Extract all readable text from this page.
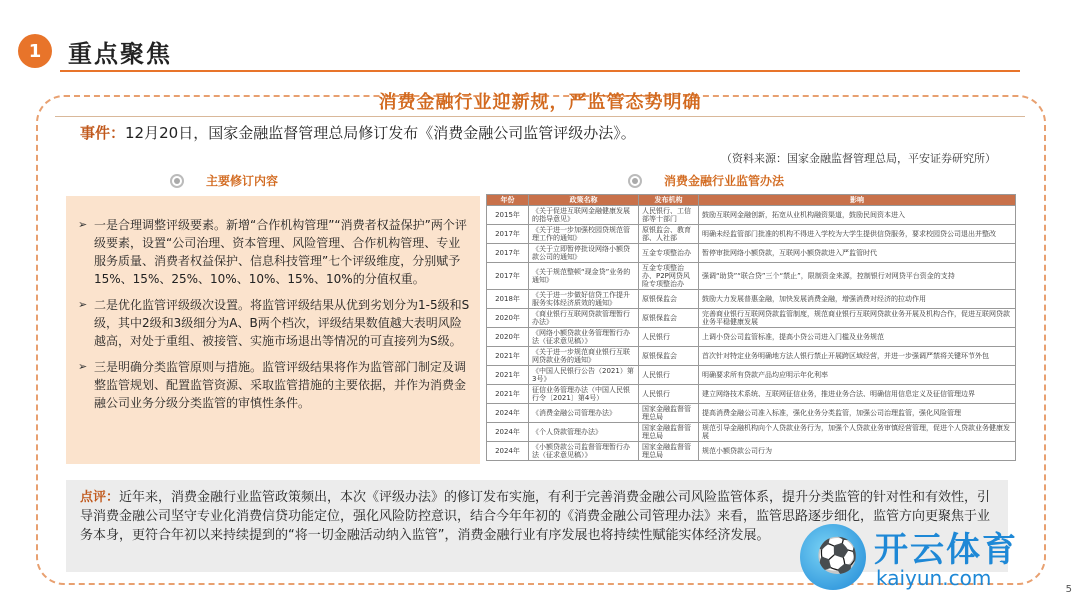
1	重点聚焦
消费金融行业迎新规，严监管态势明确
事件：12月20日，国家金融监督管理总局修订发布《消费金融公司监管评级办法》。
（资料来源：国家金融监督管理总局，平安证券研究所）
主要修订内容	消费金融行业监管办法
➢ 一是合理调整评级要素。新增“合作机构管理”“消费者权益保护”两个评级要素，设置“公司治理、资本管理、风险管理、合作机构管理、专业服务质量、消费者权益保护、信息科技管理”七个评级维度，分别赋予15%、15%、25%、10%、10%、15%、10%的分值权重。
➢ 二是优化监管评级级次设置。将监管评级结果从优到劣划分为1-5级和S级，其中2级和3级细分为A、B两个档次，评级结果数值越大表明风险越高，对处于重组、被接管、实施市场退出等情况的可直接列为S级。
➢ 三是明确分类监管原则与措施。监管评级结果将作为监管部门制定及调整监管规划、配置监管资源、采取监管措施的主要依据，并作为消费金融公司业务分级分类监管的审慎性条件。
年份	政策名称	发布机构	影响
2015年	《关于促进互联网金融健康发展的指导意见》	人民银行、工信部等十部门	鼓励互联网金融创新，拓宽从业机构融资渠道，鼓励民间资本进入
2017年	《关于进一步加强校园贷规范管理工作的通知》	原银监会、教育部、人社部	明确未经监管部门批准的机构不得进入学校为大学生提供信贷服务，要求校园贷公司退出并整改
2017年	《关于立即暂停批设网络小额贷款公司的通知》	互金专项整治办	暂停审批网络小额贷款，互联网小额贷款进入严监管时代
2017年	《关于规范整顿“现金贷”业务的通知》	互金专项整治办、P2P网贷风险专项整治办	强调“助贷”“联合贷”三个“禁止”，限制资金来源，控制银行对网贷平台资金的支持
2018年	《关于进一步做好信贷工作提升服务实体经济质效的通知》	原银保监会	鼓励大力发展普惠金融，加快发展消费金融，增强消费对经济的拉动作用
2020年	《商业银行互联网贷款管理暂行办法》	原银保监会	完善商业银行互联网贷款监管制度，规范商业银行互联网贷款业务开展及机构合作，促进互联网贷款业务平稳健康发展
2020年	《网络小额贷款业务管理暂行办法（征求意见稿）》	人民银行	上调小贷公司监管标准，提高小贷公司进入门槛及业务规范
2021年	《关于进一步规范商业银行互联网贷款业务的通知》	原银保监会	首次针对特定业务明确地方法人银行禁止开展跨区域经营，并进一步强调严禁将关键环节外包
2021年	《中国人民银行公告（2021）第3号》	人民银行	明确要求所有贷款产品均应明示年化利率
2021年	征信业务管理办法（中国人民银行令〔2021〕第4号）	人民银行	建立网络技术系统、互联网征信业务，推进业务合法、明确信用信息定义及征信管理边界
2024年	《消费金融公司管理办法》	国家金融监督管理总局	提高消费金融公司准入标准，强化业务分类监管，加强公司治理监管，强化风险管理
2024年	《个人贷款管理办法》	国家金融监督管理总局	规范引导金融机构向个人贷款业务行为，加强个人贷款业务审慎经营管理，促进个人贷款业务健康发展
2024年	《小额贷款公司监督管理暂行办法（征求意见稿）》	国家金融监督管理总局	规范小额贷款公司行为
点评：近年来，消费金融行业监管政策频出，本次《评级办法》的修订发布实施，有利于完善消费金融公司风险监管体系，提升分类监管的针对性和有效性，引导消费金融公司坚守专业化消费信贷功能定位，强化风险防控意识，结合今年年初的《消费金融公司管理办法》来看，监管思路逐步细化，监管方向更聚焦于业务本身，更符合年初以来持续提到的“将一切金融活动纳入监管”，消费金融行业有序发展也将持续性赋能实体经济发展。 ⚽	开云体育
kaiyun.com	5
